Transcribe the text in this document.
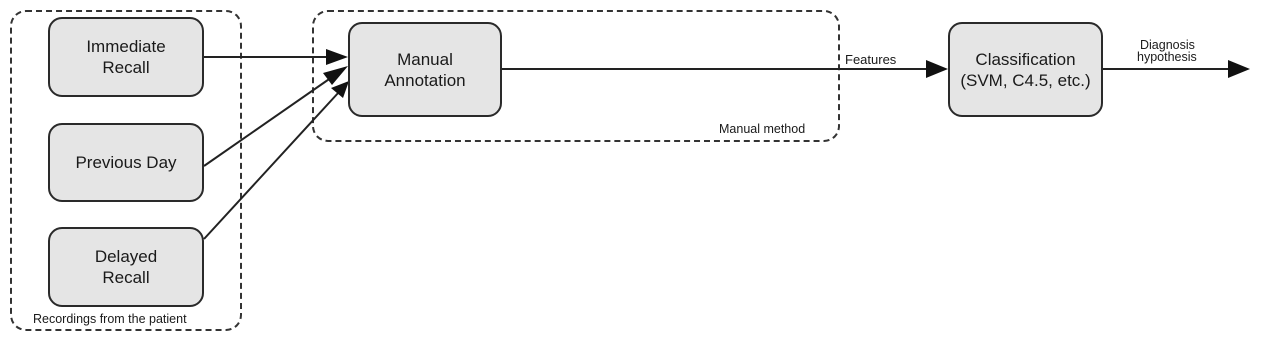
Immediate
Recall
Previous Day
Delayed
Recall
Manual
Annotation
Classification
(SVM, C4.5, etc.)
Recordings from the patient
Manual method
Features
Diagnosis
hypothesis
